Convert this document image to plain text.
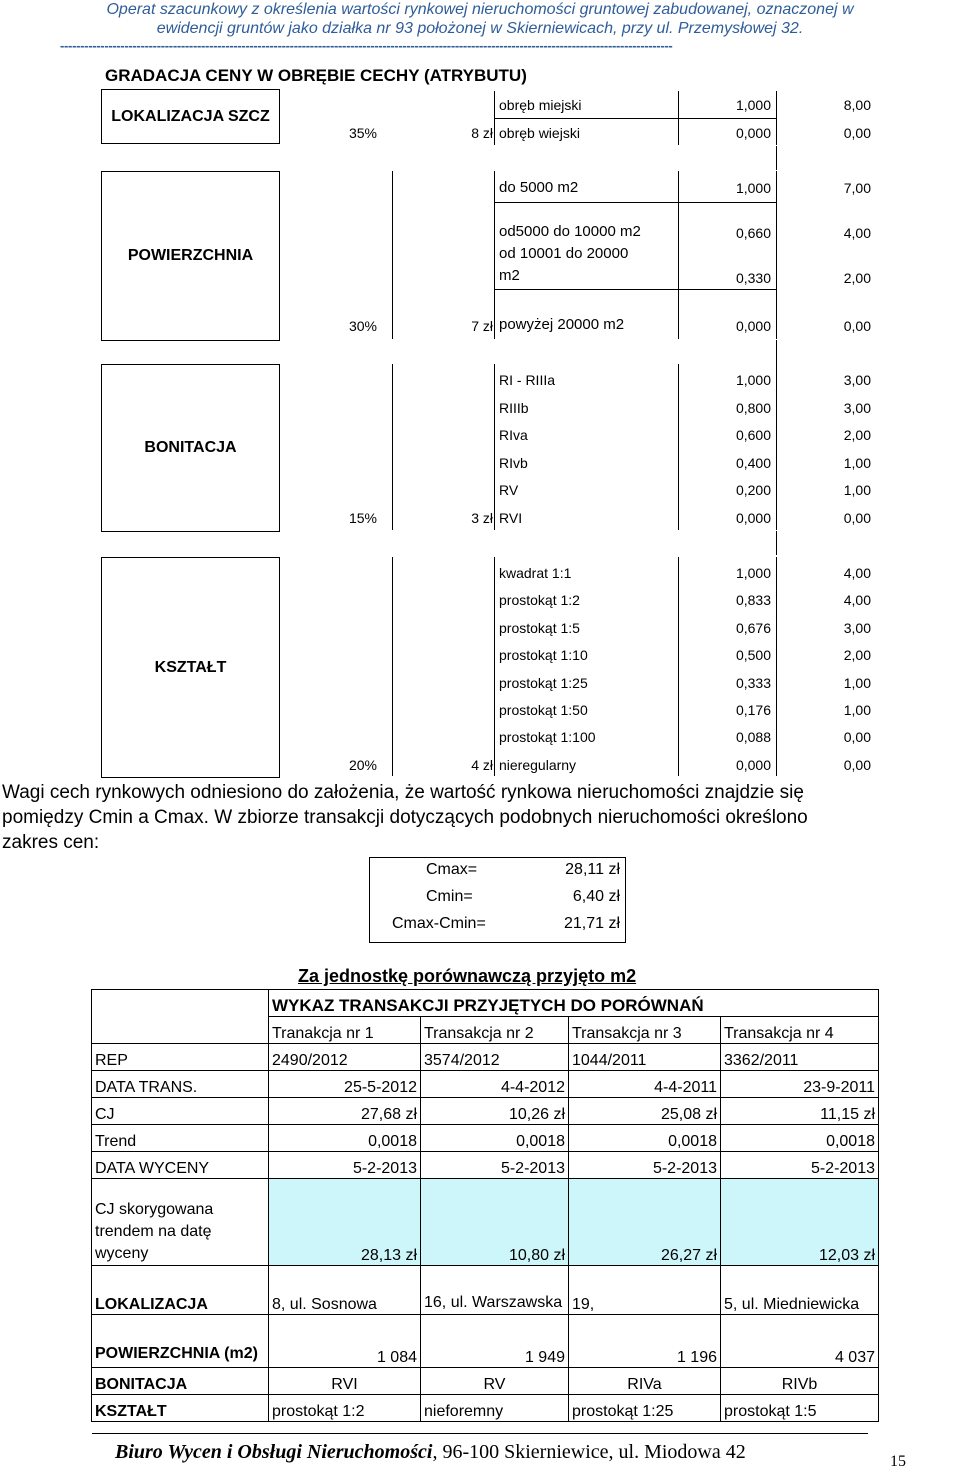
Operat szacunkowy z określenia wartości rynkowej nieruchomości gruntowej zabudowanej, oznaczonej w
ewidencji gruntów jako działka nr 93 położonej w Skierniewicach, przy ul. Przemysłowej 32.
--------------------------------------------------------------------------------------------------------------------------------------------------------
GRADACJA CENY W OBRĘBIE CECHY (ATRYBUTU)
LOKALIZACJA SZCZ
35%	8 zł
obręb miejski	1,000	8,00
obręb wiejski	0,000	0,00
POWIERZCHNIA
30%	7 zł
do 5000 m2	1,000	7,00
od5000 do 10000 m2	0,660	4,00
od 10001 do 20000
m2	0,330	2,00
powyżej 20000 m2	0,000	0,00
BONITACJA
15%	3 zł
RI - RIIIa	1,000	3,00
RIIIb	0,800	3,00
RIva	0,600	2,00
RIvb	0,400	1,00
RV	0,200	1,00
RVI	0,000	0,00
KSZTAŁT
20%	4 zł
kwadrat 1:1	1,000	4,00
prostokąt 1:2	0,833	4,00
prostokąt 1:5	0,676	3,00
prostokąt 1:10	0,500	2,00
prostokąt 1:25	0,333	1,00
prostokąt 1:50	0,176	1,00
prostokąt 1:100	0,088	0,00
nieregularny	0,000	0,00
Wagi cech rynkowych odniesiono do założenia, że wartość rynkowa nieruchomości znajdzie się
pomiędzy Cmin a Cmax. W zbiorze transakcji dotyczących podobnych nieruchomości określono
zakres cen:
Cmax=	28,11 zł
Cmin=	6,40 zł
Cmax-Cmin=	21,71 zł
Za jednostkę porównawczą przyjęto m2
	WYKAZ TRANSAKCJI PRZYJĘTYCH DO PORÓWNAŃ			
	Tranakcja nr 1	Transakcja nr 2	Transakcja nr 3	Transakcja nr 4
REP	2490/2012	3574/2012	1044/2011	3362/2011
DATA TRANS.	25-5-2012	4-4-2012	4-4-2011	23-9-2011
CJ	27,68 zł	10,26 zł	25,08 zł	11,15 zł
Trend	0,0018	0,0018	0,0018	0,0018
DATA WYCENY	5-2-2013	5-2-2013	5-2-2013	5-2-2013
CJ skorygowana trendem na datę wyceny	28,13 zł	10,80 zł	26,27 zł	12,03 zł
LOKALIZACJA	8, ul. Sosnowa	16, ul. Warszawska	19,	5, ul. Miedniewicka
POWIERZCHNIA (m2)	1 084	1 949	1 196	4 037
BONITACJA	RVI	RV	RIVa	RIVb
KSZTAŁT	prostokąt 1:2	nieforemny	prostokąt 1:25	prostokąt 1:5
Biuro Wycen i Obsługi Nieruchomości, 96-100 Skierniewice, ul. Miodowa 42	15
